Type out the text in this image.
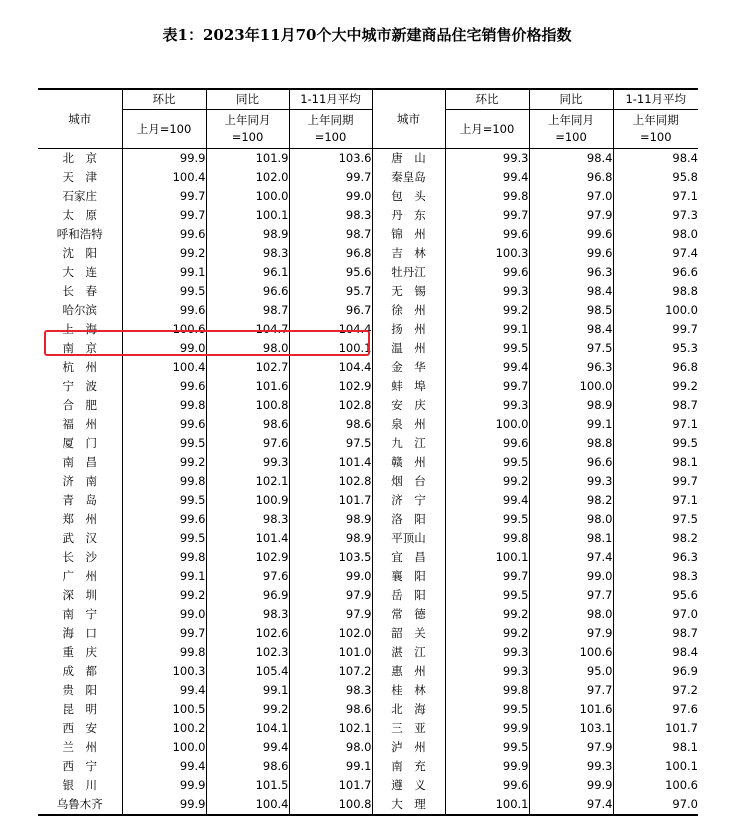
表1：2023年11月70个大中城市新建商品住宅销售价格指数
城市	环比	同比	1-11月平均	城市	环比	同比	1-11月平均
	上月=100	上年同月=100	上年同期=100		上月=100	上年同月=100	上年同期=100
北　京	99.9	101.9	103.6	唐　山	99.3	98.4	98.4
天　津	100.4	102.0	99.7	秦皇岛	99.4	96.8	95.8
石家庄	99.7	100.0	99.0	包　头	99.8	97.0	97.1
太　原	99.7	100.1	98.3	丹　东	99.7	97.9	97.3
呼和浩特	99.6	98.9	98.7	锦　州	99.6	99.6	98.0
沈　阳	99.2	98.3	96.8	吉　林	100.3	99.6	97.4
大　连	99.1	96.1	95.6	牡丹江	99.6	96.3	96.6
长　春	99.5	96.6	95.7	无　锡	99.3	98.4	98.8
哈尔滨	99.6	98.7	96.7	徐　州	99.2	98.5	100.0
上　海	100.6	104.7	104.4	扬　州	99.1	98.4	99.7
南　京	99.0	98.0	100.1	温　州	99.5	97.5	95.3
杭　州	100.4	102.7	104.4	金　华	99.4	96.3	96.8
宁　波	99.6	101.6	102.9	蚌　埠	99.7	100.0	99.2
合　肥	99.8	100.8	102.8	安　庆	99.3	98.9	98.7
福　州	99.6	98.6	98.6	泉　州	100.0	99.1	97.1
厦　门	99.5	97.6	97.5	九　江	99.6	98.8	99.5
南　昌	99.2	99.3	101.4	赣　州	99.5	96.6	98.1
济　南	99.8	102.1	102.8	烟　台	99.2	99.3	99.7
青　岛	99.5	100.9	101.7	济　宁	99.4	98.2	97.1
郑　州	99.6	98.3	98.9	洛　阳	99.5	98.0	97.5
武　汉	99.5	101.4	98.9	平顶山	99.8	98.1	98.2
长　沙	99.8	102.9	103.5	宜　昌	100.1	97.4	96.3
广　州	99.1	97.6	99.0	襄　阳	99.7	99.0	98.3
深　圳	99.2	96.9	97.9	岳　阳	99.5	97.7	95.6
南　宁	99.0	98.3	97.9	常　德	99.2	98.0	97.0
海　口	99.7	102.6	102.0	韶　关	99.2	97.9	98.7
重　庆	99.8	102.3	101.0	湛　江	99.3	100.6	98.4
成　都	100.3	105.4	107.2	惠　州	99.3	95.0	96.9
贵　阳	99.4	99.1	98.3	桂　林	99.8	97.7	97.2
昆　明	100.5	99.2	98.6	北　海	99.5	101.6	97.6
西　安	100.2	104.1	102.1	三　亚	99.9	103.1	101.7
兰　州	100.0	99.4	98.0	泸　州	99.5	97.9	98.1
西　宁	99.4	98.6	99.1	南　充	99.9	99.3	100.1
银　川	99.9	101.5	101.7	遵　义	99.6	99.9	100.6
乌鲁木齐	99.9	100.4	100.8	大　理	100.1	97.4	97.0
